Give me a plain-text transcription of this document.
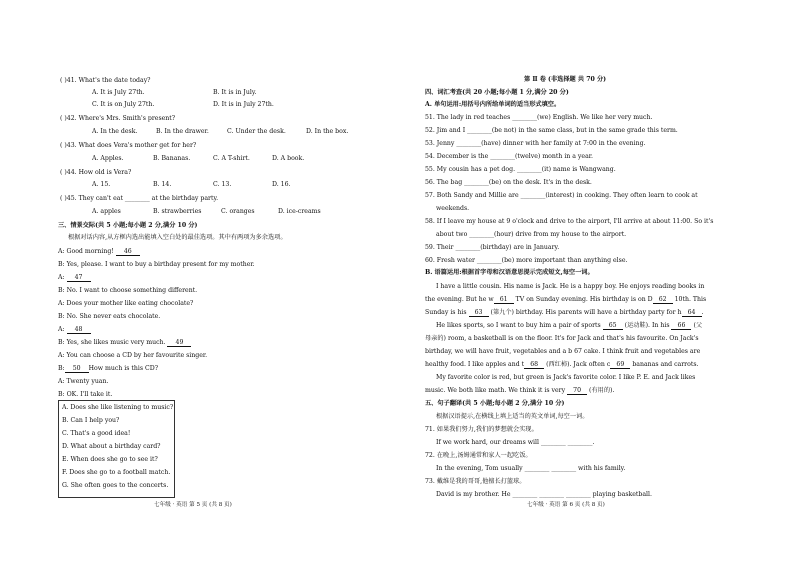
( )41. What's the date today?
A. It is July 27th.	B. It is in July.
C. It is on July 27th.	D. It is in July 27th.
( )42. Where's Mrs. Smith's present?
A. In the desk.	B. In the drawer.	C. Under the desk.	D. In the box.
( )43. What does Vera's mother get for her?
A. Apples.	B. Bananas.	C. A T-shirt.	D. A book.
( )44. How old is Vera?
A. 15.	B. 14.	C. 13.	D. 16.
( )45. They can't eat ________ at the birthday party.
A. apples	B. strawberries	C. oranges	D. ice-creams
三、情景交际(共 5 小题;每小题 2 分,满分 10 分)
根据对话内容,从方框内选出能填入空白处的最佳选项。其中有两项为多余选项。
A: Good morning! 46
B: Yes, please. I want to buy a birthday present for my mother.
A: 47
B: No. I want to choose something different.
A: Does your mother like eating chocolate?
B: No. She never eats chocolate.
A: 48
B: Yes, she likes music very much. 49
A: You can choose a CD by her favourite singer.
B: 50 How much is this CD?
A: Twenty yuan.
B: OK. I'll take it.
A. Does she like listening to music?
B. Can I help you?
C. That's a good idea!
D. What about a birthday card?
E. When does she go to see it?
F. Does she go to a football match.
G. She often goes to the concerts.
七年级 · 英语 第 5 页 (共 8 页)
第 Ⅱ 卷 (非选择题 共 70 分)
四、词汇考查(共 20 小题;每小题 1 分,满分 20 分)
A. 单句运用:用括号内所给单词的适当形式填空。
51. The lady in red teaches ________(we) English. We like her very much.
52. Jim and I ________(be not) in the same class, but in the same grade this term.
53. Jenny ________(have) dinner with her family at 7:00 in the evening.
54. December is the ________(twelve) month in a year.
55. My cousin has a pet dog. ________(it) name is Wangwang.
56. The bag ________(be) on the desk. It's in the desk.
57. Both Sandy and Millie are ________(interest) in cooking. They often learn to cook at
weekends.
58. If I leave my house at 9 o'clock and drive to the airport, I'll arrive at about 11:00. So it's
about two ________(hour) drive from my house to the airport.
59. Their ________(birthday) are in January.
60. Fresh water ________(be) more important than anything else.
B. 语篇运用:根据首字母和汉语意思提示完成短文,每空一词。
I have a little cousin. His name is Jack. He is a happy boy. He enjoys reading books in
the evening. But he w 61 TV on Sunday evening. His birthday is on D 62 10th. This
Sunday is his 63 (第九个) birthday. His parents will have a birthday party for h 64 .
He likes sports, so I want to buy him a pair of sports 65 (运动鞋). In his 66 (父
母亲的) room, a basketball is on the floor. It's for Jack and that's his favourite. On Jack's
birthday, we will have fruit, vegetables and a b 67 cake. I think fruit and vegetables are
healthy food. I like apples and t 68 (西红柿). Jack often c 69 bananas and carrots.
My favorite color is red, but green is Jack's favorite color. I like P. E. and Jack likes
music. We both like math. We think it is very 70 (有用的).
五、句子翻译(共 5 小题;每小题 2 分,满分 10 分)
根据汉语提示,在横线上填上适当的英文单词,每空一词。
71. 如果我们努力,我们的梦想就会实现。
If we work hard, our dreams will ________ ________.
72. 在晚上,汤姆通常和家人一起吃饭。
In the evening, Tom usually ________ ________ with his family.
73. 戴维是我的哥哥,他擅长打篮球。
David is my brother. He ________ ________ ________ playing basketball.
七年级 · 英语 第 6 页 (共 8 页)
